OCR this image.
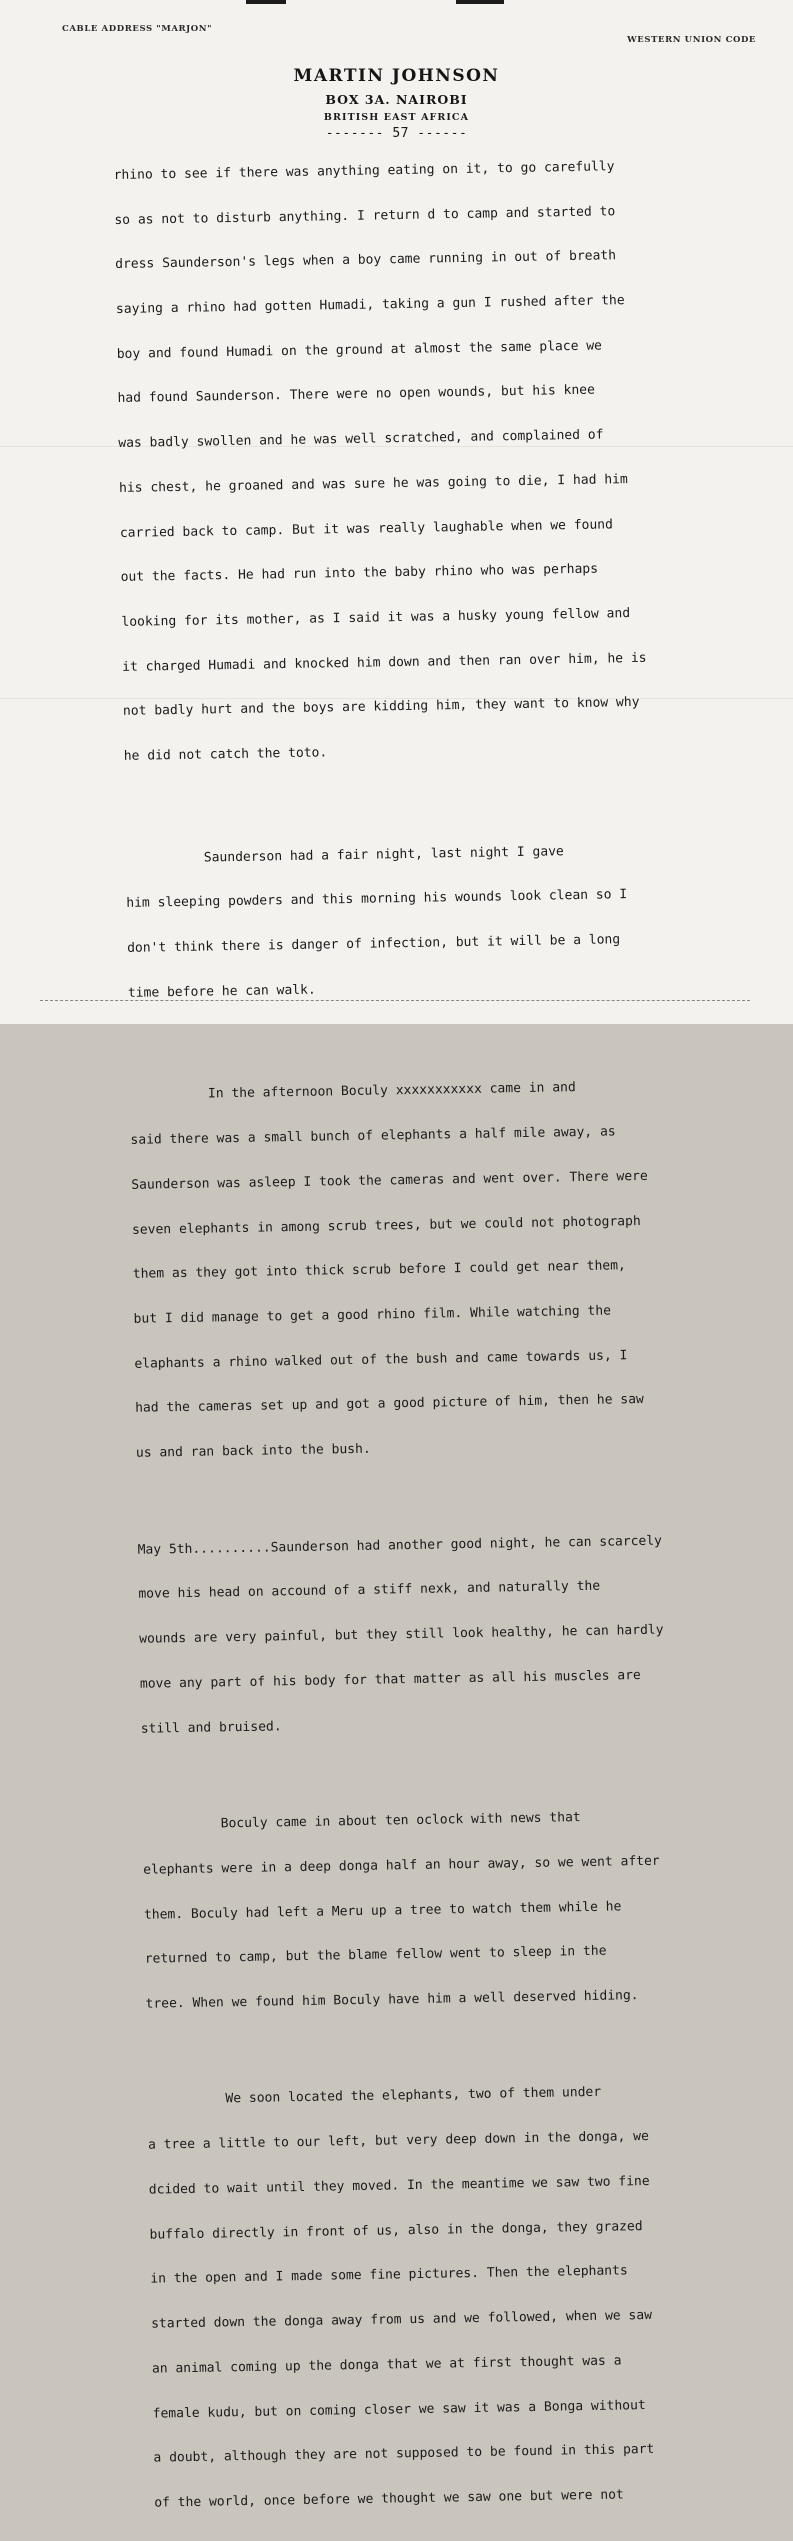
CABLE ADDRESS "MARJON"
WESTERN UNION CODE
MARTIN JOHNSON
BOX 3A. NAIROBI
BRITISH EAST AFRICA
------- 57 ------

rhino to see if there was anything eating on it, to go carefully

so as not to disturb anything. I return d to camp and started to

dress Saunderson's legs when a boy came running in out of breath

saying a rhino had gotten Humadi, taking a gun I rushed after the

boy and found Humadi on the ground at almost the same place we

had found Saunderson. There were no open wounds, but his knee

was badly swollen and he was well scratched, and complained of

his chest, he groaned and was sure he was going to die, I had him

carried back to camp. But it was really laughable when we found

out the facts. He had run into the baby rhino who was perhaps

looking for its mother, as I said it was a husky young fellow and

it charged Humadi and knocked him down and then ran over him, he is

not badly hurt and the boys are kidding him, they want to know why

he did not catch the toto.

Saunderson had a fair night, last night I gave

him sleeping powders and this morning his wounds look clean so I

don't think there is danger of infection, but it will be a long

time before he can walk.

In the afternoon Boculy xxxxxxxxxxx came in and

said there was a small bunch of elephants a half mile away, as

Saunderson was asleep I took the cameras and went over. There were

seven elephants in among scrub trees, but we could not photograph

them as they got into thick scrub before I could get near them,

but I did manage to get a good rhino film. While watching the

elaphants a rhino walked out of the bush and came towards us, I

had the cameras set up and got a good picture of him, then he saw

us and ran back into the bush.

May 5th..........Saunderson had another good night, he can scarcely

move his head on accound of a stiff nexk, and naturally the

wounds are very painful, but they still look healthy, he can hardly

move any part of his body for that matter as all his muscles are

still and bruised.

Boculy came in about ten oclock with news that

elephants were in a deep donga half an hour away, so we went after

them. Boculy had left a Meru up a tree to watch them while he

returned to camp, but the blame fellow went to sleep in the

tree. When we found him Boculy have him a well deserved hiding.

We soon located the elephants, two of them under

a tree a little to our left, but very deep down in the donga, we

dcided to wait until they moved. In the meantime we saw two fine

buffalo directly in front of us, also in the donga, they grazed

in the open and I made some fine pictures. Then the elephants

started down the donga away from us and we followed, when we saw

an animal coming up the donga that we at first thought was a

female kudu, but on coming closer we saw it was a Bonga without

a doubt, although they are not supposed to be found in this part

of the world, once before we thought we saw one but were not
